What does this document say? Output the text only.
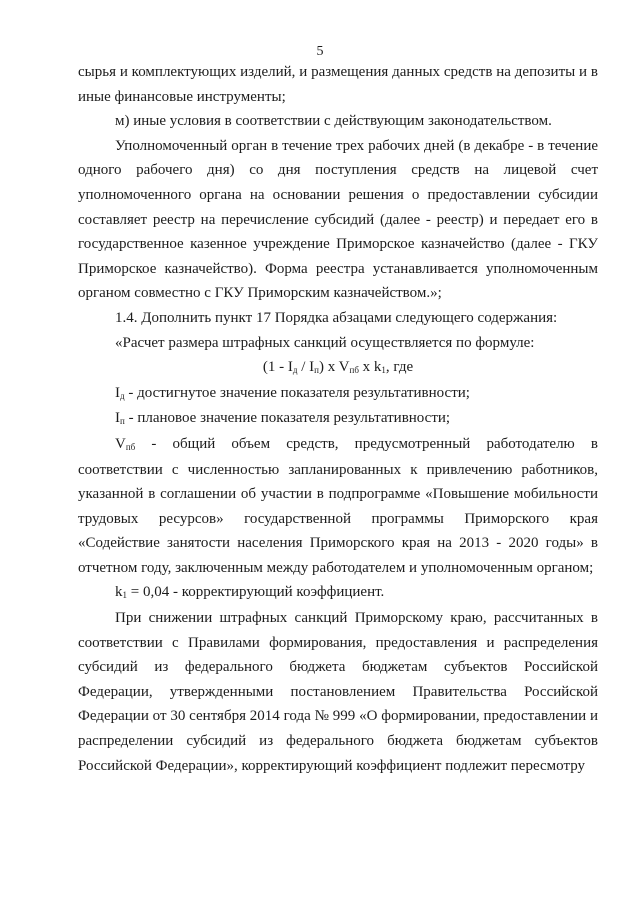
5

сырья и комплектующих изделий, и размещения данных средств на депозиты и в иные финансовые инструменты;

м) иные условия в соответствии с действующим законодательством.

Уполномоченный орган в течение трех рабочих дней (в декабре - в течение одного рабочего дня) со дня поступления средств на лицевой счет уполномоченного органа на основании решения о предоставлении субсидии составляет реестр на перечисление субсидий (далее - реестр) и передает его в государственное казенное учреждение Приморское казначейство (далее - ГКУ Приморское казначейство). Форма реестра устанавливается уполномоченным органом совместно с ГКУ Приморским казначейством.»;

1.4. Дополнить пункт 17 Порядка абзацами следующего содержания:

«Расчет размера штрафных санкций осуществляется по формуле:

$(1 - I_д / I_п)$ x $V_{пб}$ x $k_1$, где

$I_д$ - достигнутое значение показателя результативности;

$I_п$ - плановое значение показателя результативности;

$V_{пб}$ - общий объем средств, предусмотренный работодателю в соответствии с численностью запланированных к привлечению работников, указанной в соглашении об участии в подпрограмме «Повышение мобильности трудовых ресурсов» государственной программы Приморского края «Содействие занятости населения Приморского края на 2013 - 2020 годы» в отчетном году, заключенным между работодателем и уполномоченным органом;

$k_1 = 0,04$ - корректирующий коэффициент.

При снижении штрафных санкций Приморскому краю, рассчитанных в соответствии с Правилами формирования, предоставления и распределения субсидий из федерального бюджета бюджетам субъектов Российской Федерации, утвержденными постановлением Правительства Российской Федерации от 30 сентября 2014 года № 999 «О формировании, предоставлении и распределении субсидий из федерального бюджета бюджетам субъектов Российской Федерации», корректирующий коэффициент подлежит пересмотру
